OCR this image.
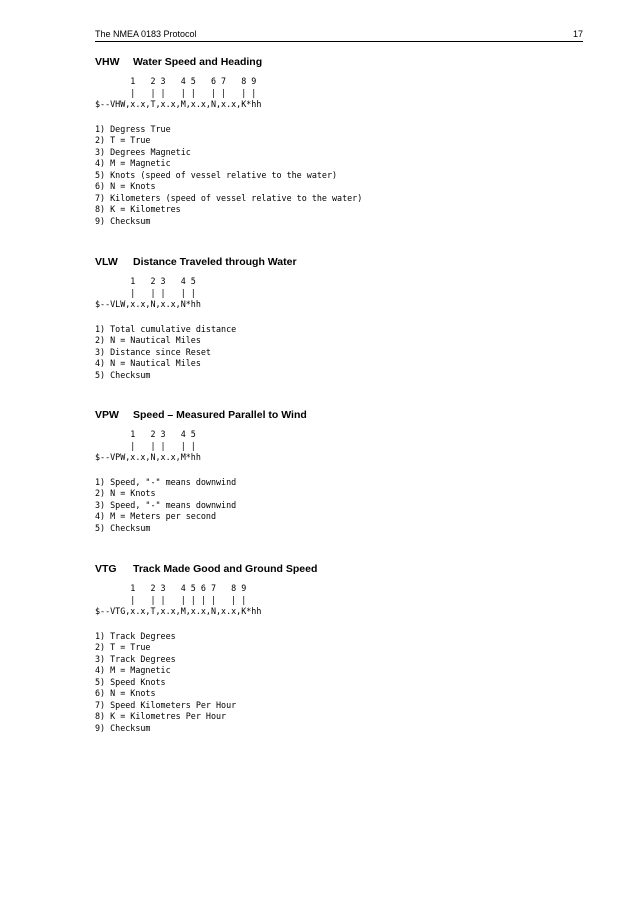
The NMEA 0183 Protocol	17
VHW Water Speed and Heading
1   2 3   4 5   6 7   8 9
|   | |   | |   | |   | |
$--VHW,x.x,T,x.x,M,x.x,N,x.x,K*hh
1) Degress True
2) T = True
3) Degrees Magnetic
4) M = Magnetic
5) Knots (speed of vessel relative to the water)
6) N = Knots
7) Kilometers (speed of vessel relative to the water)
8) K = Kilometres
9) Checksum
VLW Distance Traveled through Water
1   2 3   4 5
|   | |   | |
$--VLW,x.x,N,x.x,N*hh
1) Total cumulative distance
2) N = Nautical Miles
3) Distance since Reset
4) N = Nautical Miles
5) Checksum
VPW Speed – Measured Parallel to Wind
1   2 3   4 5
|   | |   | |
$--VPW,x.x,N,x.x,M*hh
1) Speed, "-" means downwind
2) N = Knots
3) Speed, "-" means downwind
4) M = Meters per second
5) Checksum
VTG Track Made Good and Ground Speed
1   2 3   4 5 6 7   8 9
|   | |   | | | |   | |
$--VTG,x.x,T,x.x,M,x.x,N,x.x,K*hh
1) Track Degrees
2) T = True
3) Track Degrees
4) M = Magnetic
5) Speed Knots
6) N = Knots
7) Speed Kilometers Per Hour
8) K = Kilometres Per Hour
9) Checksum
